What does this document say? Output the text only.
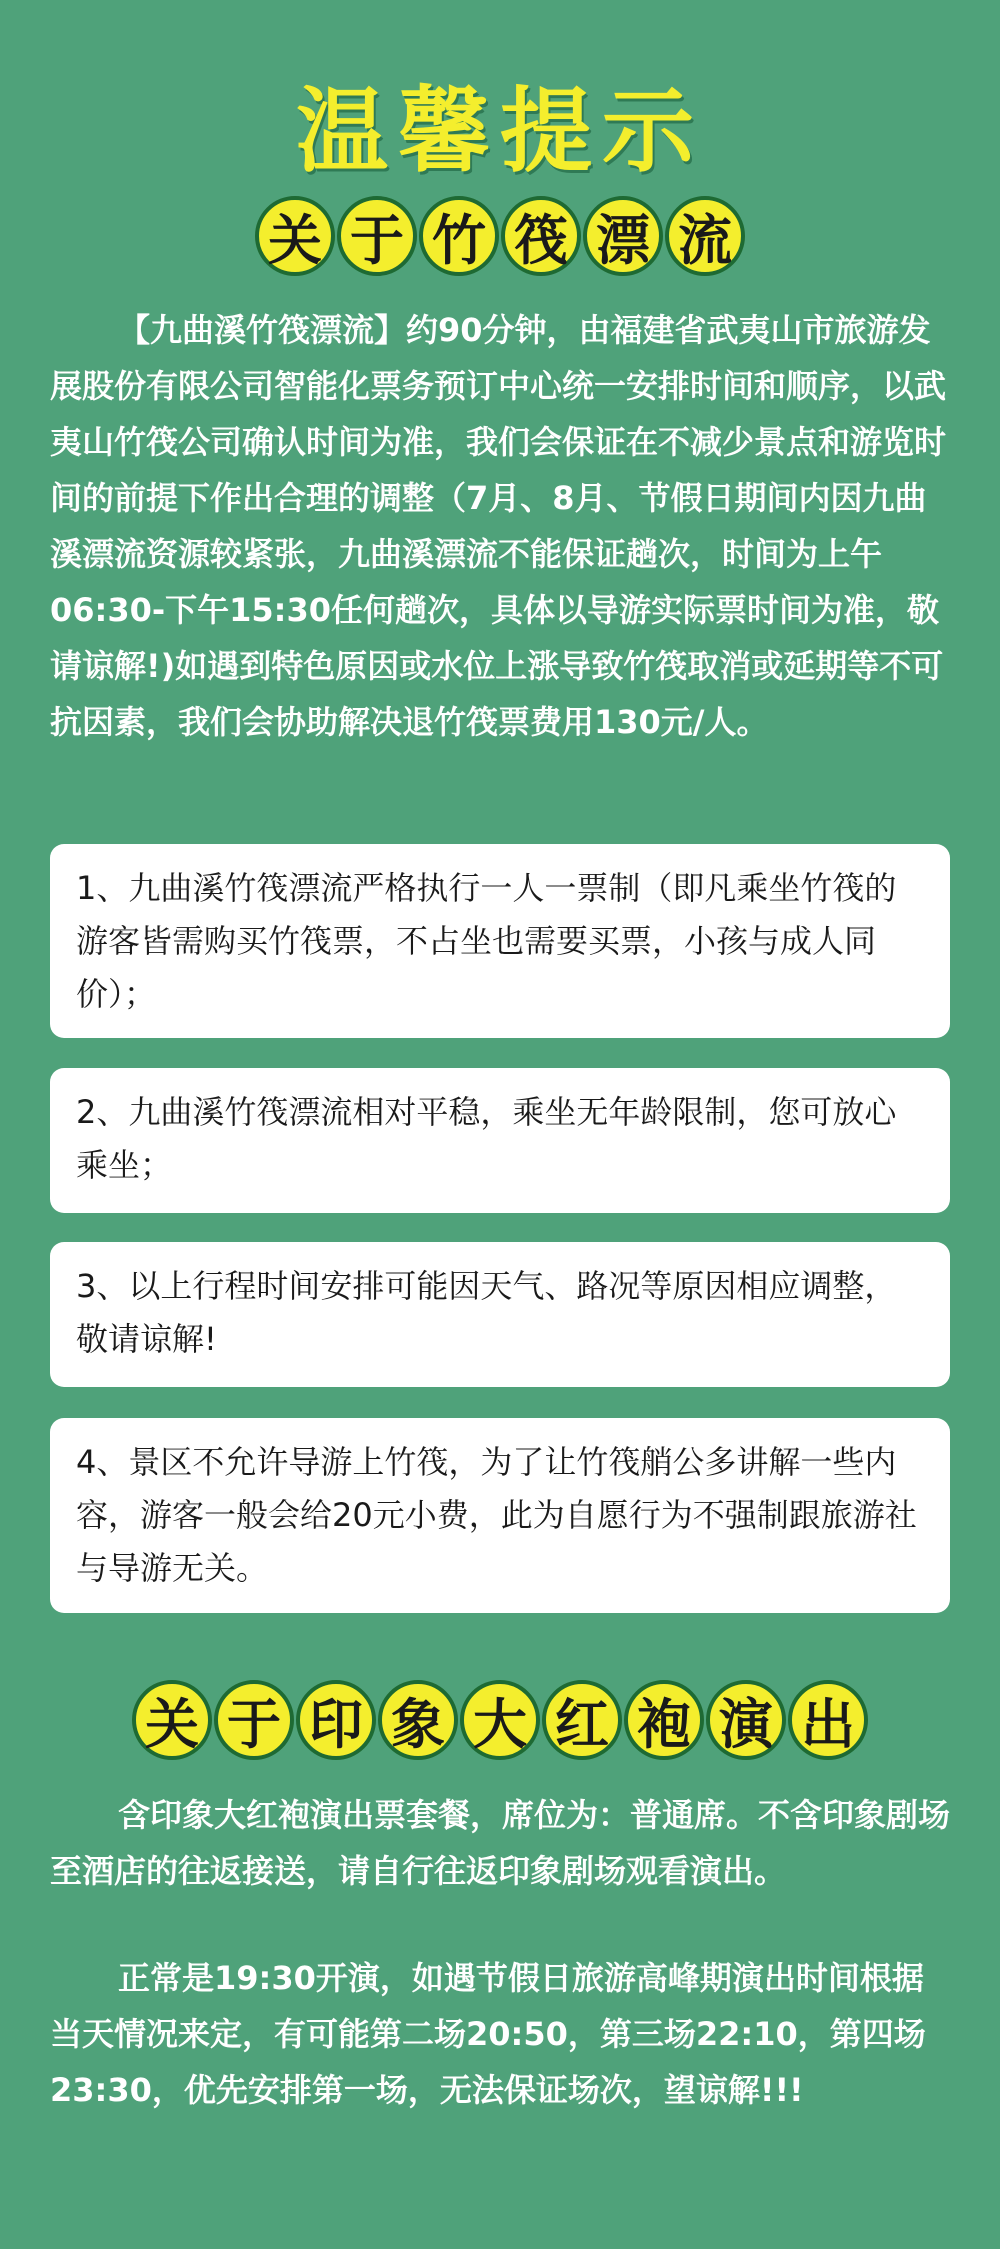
温馨提示
关 于 竹 筏 漂 流

【九曲溪竹筏漂流】约90分钟，由福建省武夷山市旅游发展股份有限公司智能化票务预订中心统一安排时间和顺序，以武夷山竹筏公司确认时间为准，我们会保证在不减少景点和游览时间的前提下作出合理的调整（7月、8月、节假日期间内因九曲溪漂流资源较紧张，九曲溪漂流不能保证趟次，时间为上午06:30-下午15:30任何趟次，具体以导游实际票时间为准，敬请谅解!)如遇到特色原因或水位上涨导致竹筏取消或延期等不可抗因素，我们会协助解决退竹筏票费用130元/人。

1、九曲溪竹筏漂流严格执行一人一票制（即凡乘坐竹筏的游客皆需购买竹筏票，不占坐也需要买票，小孩与成人同价）；
2、九曲溪竹筏漂流相对平稳，乘坐无年龄限制，您可放心乘坐；
3、以上行程时间安排可能因天气、路况等原因相应调整，敬请谅解!
4、景区不允许导游上竹筏，为了让竹筏艄公多讲解一些内容，游客一般会给20元小费，此为自愿行为不强制跟旅游社与导游无关。
关 于 印 象 大 红 袍 演 出

含印象大红袍演出票套餐，席位为：普通席。不含印象剧场至酒店的往返接送，请自行往返印象剧场观看演出。

正常是19:30开演，如遇节假日旅游高峰期演出时间根据当天情况来定，有可能第二场20:50，第三场22:10，第四场23:30，优先安排第一场，无法保证场次，望谅解!!!
